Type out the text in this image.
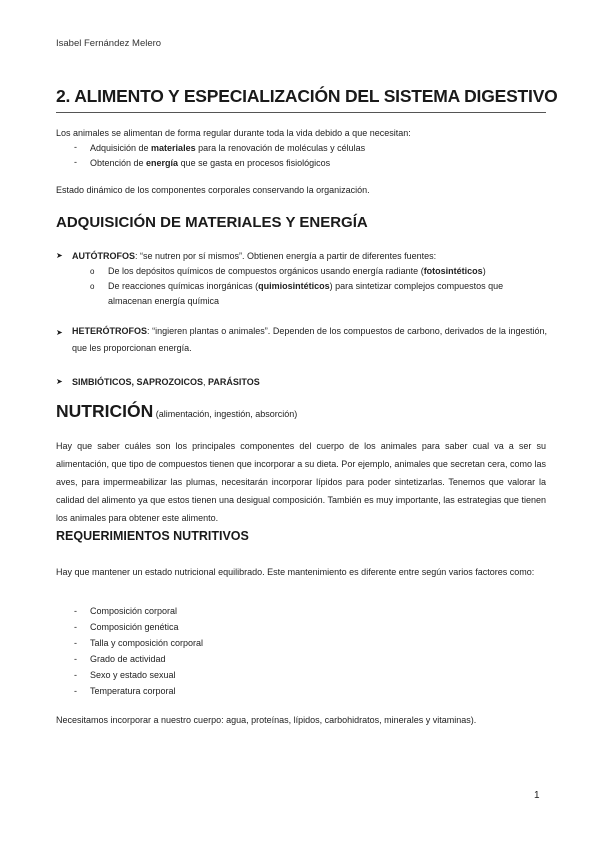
Isabel Fernández Melero
2. ALIMENTO Y ESPECIALIZACIÓN DEL SISTEMA DIGESTIVO
Los animales se alimentan de forma regular durante toda la vida debido a que necesitan:
- Adquisición de materiales para la renovación de moléculas y células
- Obtención de energía que se gasta en procesos fisiológicos
Estado dinámico de los componentes corporales conservando la organización.
ADQUISICIÓN DE MATERIALES Y ENERGÍA
➤ AUTÓTROFOS: “se nutren por sí mismos”. Obtienen energía a partir de diferentes fuentes:
o De los depósitos químicos de compuestos orgánicos usando energía radiante (fotosintéticos)
o De reacciones químicas inorgánicas (quimiosintéticos) para sintetizar complejos compuestos que almacenan energía química
➤ HETERÓTROFOS: “ingieren plantas o animales”. Dependen de los compuestos de carbono, derivados de la ingestión, que les proporcionan energía.
➤ SIMBIÓTICOS, SAPROZOICOS, PARÁSITOS
NUTRICIÓN (alimentación, ingestión, absorción)
Hay que saber cuáles son los principales componentes del cuerpo de los animales para saber cual va a ser su alimentación, que tipo de compuestos tienen que incorporar a su dieta. Por ejemplo, animales que secretan cera, como las aves, para impermeabilizar las plumas, necesitarán incorporar lípidos para poder sintetizarlas. Tenemos que valorar la calidad del alimento ya que estos tienen una desigual composición. También es muy importante, las estrategias que tienen los animales para obtener este alimento.
REQUERIMIENTOS NUTRITIVOS
Hay que mantener un estado nutricional equilibrado. Este mantenimiento es diferente entre según varios factores como:
- Composición corporal
- Composición genética
- Talla y composición corporal
- Grado de actividad
- Sexo y estado sexual
- Temperatura corporal
Necesitamos incorporar a nuestro cuerpo: agua, proteínas, lípidos, carbohidratos, minerales y vitaminas).
1
